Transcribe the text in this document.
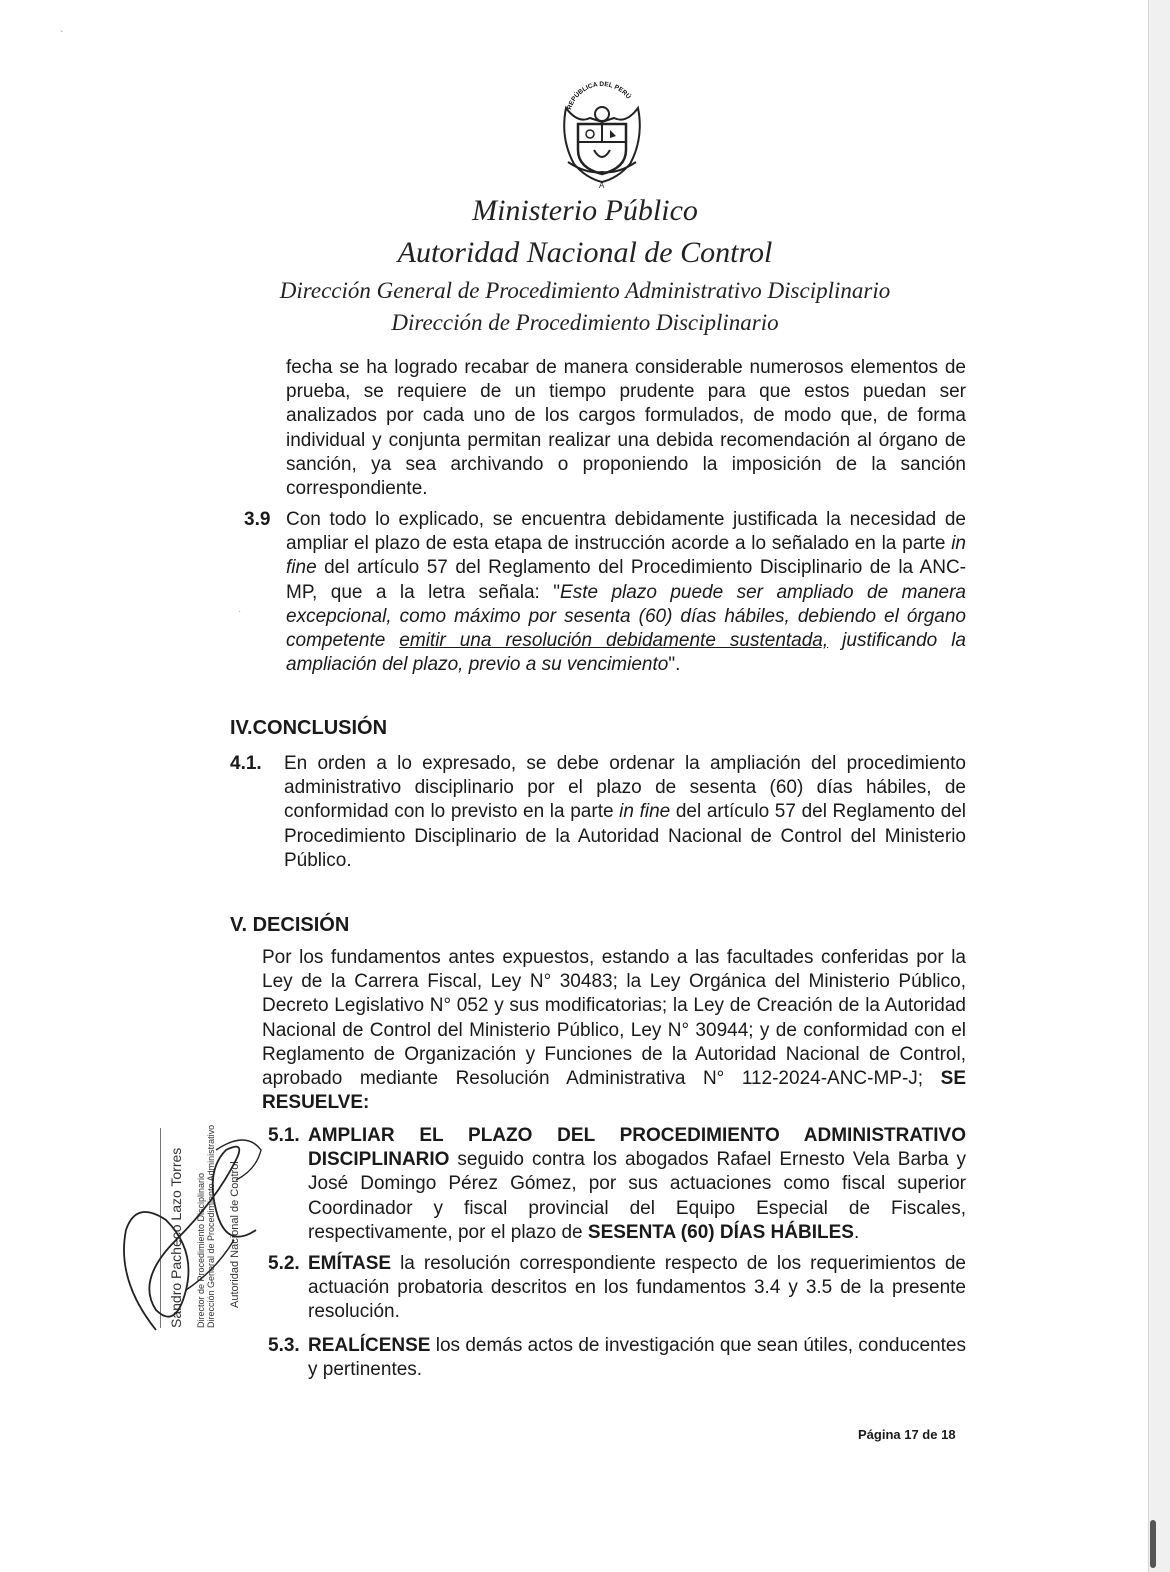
`
·
REPÚBLICA DEL PERÚ
A
Ministerio Público
Autoridad Nacional de Control
Dirección General de Procedimiento Administrativo Disciplinario
Dirección de Procedimiento Disciplinario
fecha se ha logrado recabar de manera considerable numerosos elementos de prueba, se requiere de un tiempo prudente para que estos puedan ser analizados por cada uno de los cargos formulados, de modo que, de forma individual y conjunta permitan realizar una debida recomendación al órgano de sanción, ya sea archivando o proponiendo la imposición de la sanción correspondiente.
3.9 Con todo lo explicado, se encuentra debidamente justificada la necesidad de ampliar el plazo de esta etapa de instrucción acorde a lo señalado en la parte in fine del artículo 57 del Reglamento del Procedimiento Disciplinario de la ANC-MP, que a la letra señala: "Este plazo puede ser ampliado de manera excepcional, como máximo por sesenta (60) días hábiles, debiendo el órgano competente emitir una resolución debidamente sustentada, justificando la ampliación del plazo, previo a su vencimiento".
IV.CONCLUSIÓN
4.1. En orden a lo expresado, se debe ordenar la ampliación del procedimiento administrativo disciplinario por el plazo de sesenta (60) días hábiles, de conformidad con lo previsto en la parte in fine del artículo 57 del Reglamento del Procedimiento Disciplinario de la Autoridad Nacional de Control del Ministerio Público.
V. DECISIÓN
Por los fundamentos antes expuestos, estando a las facultades conferidas por la Ley de la Carrera Fiscal, Ley N° 30483; la Ley Orgánica del Ministerio Público, Decreto Legislativo N° 052 y sus modificatorias; la Ley de Creación de la Autoridad Nacional de Control del Ministerio Público, Ley N° 30944; y de conformidad con el Reglamento de Organización y Funciones de la Autoridad Nacional de Control, aprobado mediante Resolución Administrativa N° 112-2024-ANC-MP-J; SE RESUELVE:
5.1. AMPLIAR EL PLAZO DEL PROCEDIMIENTO ADMINISTRATIVO DISCIPLINARIO seguido contra los abogados Rafael Ernesto Vela Barba y José Domingo Pérez Gómez, por sus actuaciones como fiscal superior Coordinador y fiscal provincial del Equipo Especial de Fiscales, respectivamente, por el plazo de SESENTA (60) DÍAS HÁBILES.
5.2. EMÍTASE la resolución correspondiente respecto de los requerimientos de actuación probatoria descritos en los fundamentos 3.4 y 3.5 de la presente resolución.
5.3. REALÍCENSE los demás actos de investigación que sean útiles, conducentes y pertinentes.
Sandro Pacheco Lazo Torres Director de Procedimiento Disciplinario Dirección General de Procedimiento Administrativo Autoridad Nacional de Control
Página 17 de 18
